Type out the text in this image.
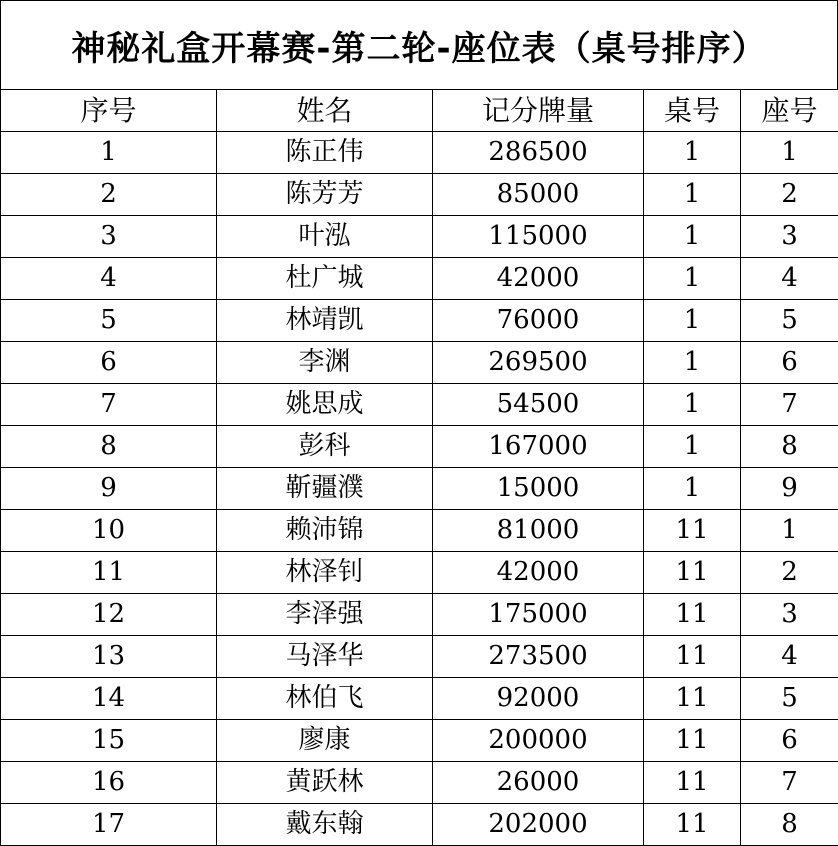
神秘礼盒开幕赛-第二轮-座位表（桌号排序）
序号	姓名	记分牌量	桌号	座号
1	陈正伟	286500	1	1
2	陈芳芳	85000	1	2
3	叶泓	115000	1	3
4	杜广城	42000	1	4
5	林靖凯	76000	1	5
6	李渊	269500	1	6
7	姚思成	54500	1	7
8	彭科	167000	1	8
9	靳疆濮	15000	1	9
10	赖沛锦	81000	11	1
11	林泽钊	42000	11	2
12	李泽强	175000	11	3
13	马泽华	273500	11	4
14	林伯飞	92000	11	5
15	廖康	200000	11	6
16	黄跃林	26000	11	7
17	戴东翰	202000	11	8
